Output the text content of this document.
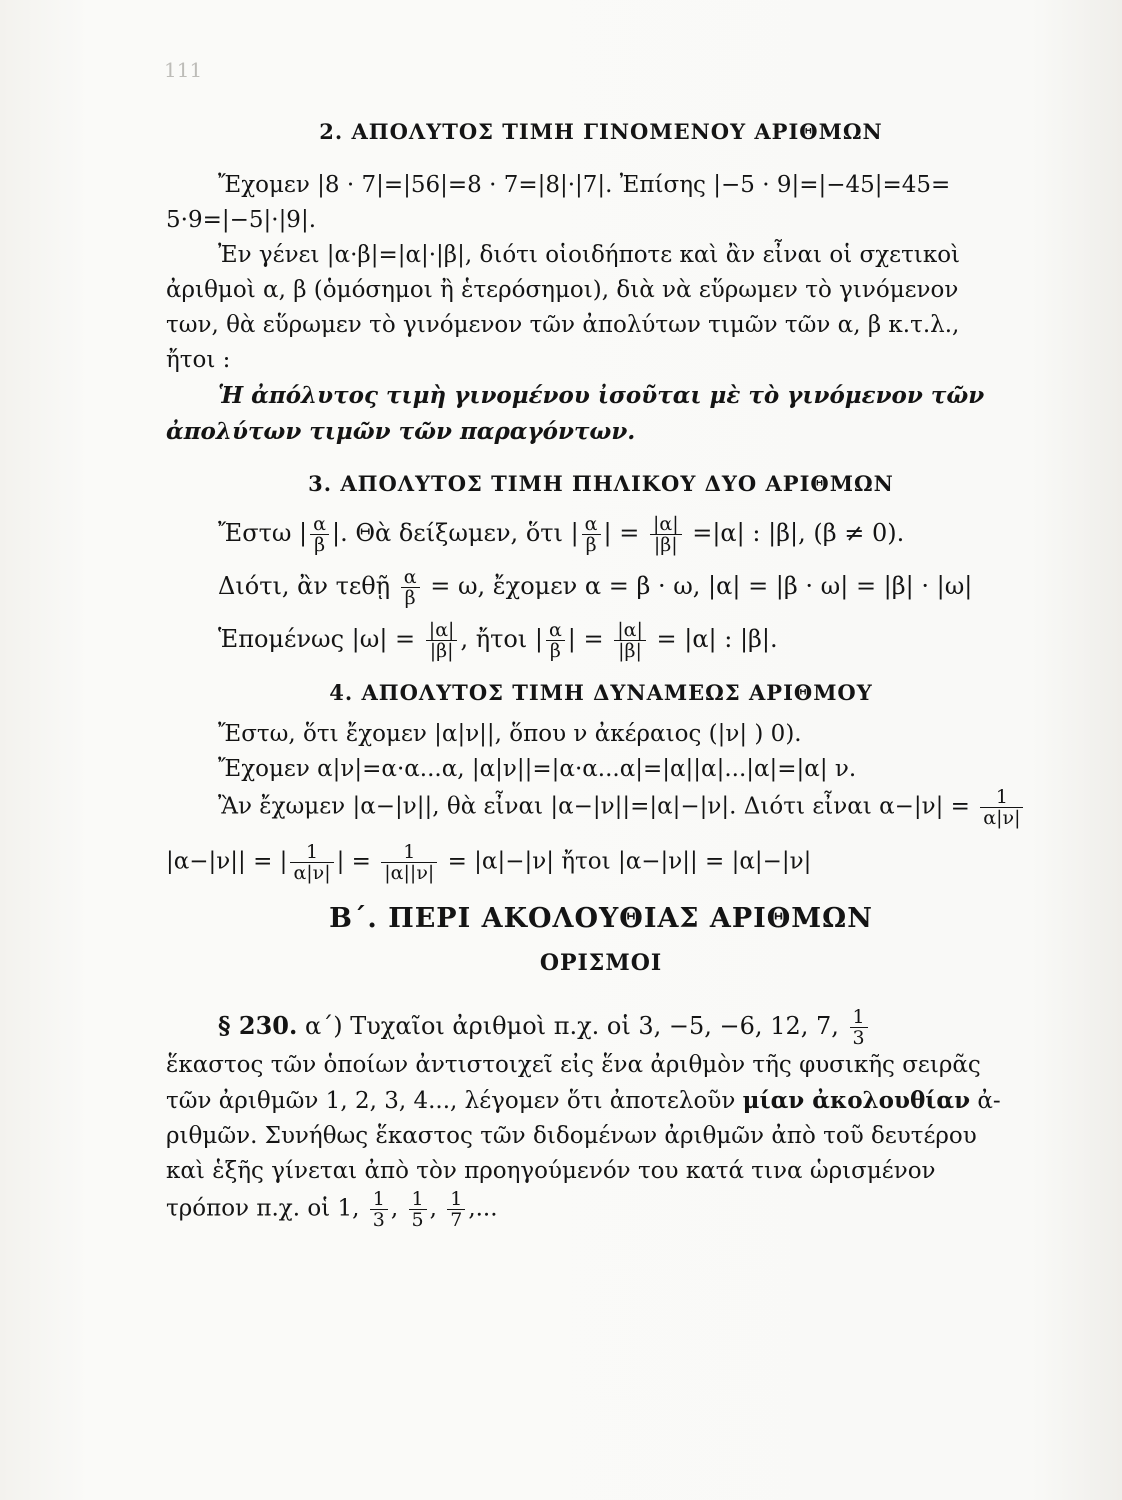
111

2. ΑΠΟΛΥΤΟΣ ΤΙΜΗ ΓΙΝΟΜΕΝΟΥ ΑΡΙΘΜΩΝ

Ἔχομεν |8 · 7|=|56|=8 · 7=|8|·|7|. Ἐπίσης |−5 · 9|=|−45|=45=

5·9=|−5|·|9|.

Ἐν γένει |α·β|=|α|·|β|, διότι οἱοιδήποτε καὶ ἂν εἶναι οἱ σχετικοὶ

ἀριθμοὶ α, β (ὁμόσημοι ἢ ἑτερόσημοι), διὰ νὰ εὕρωμεν τὸ γινόμενον

των, θὰ εὕρωμεν τὸ γινόμενον τῶν ἀπολύτων τιμῶν τῶν α, β κ.τ.λ.,

ἤτοι :

Ἡ ἀπόλυτος τιμὴ γινομένου ἰσοῦται μὲ τὸ γινόμενον τῶν

ἀπολύτων τιμῶν τῶν παραγόντων.

3. ΑΠΟΛΥΤΟΣ ΤΙΜΗ ΠΗΛΙΚΟΥ ΔΥΟ ΑΡΙΘΜΩΝ

Ἔστω | $\frac{\alpha}{\beta}$ |. Θὰ δείξωμεν, ὅτι | $\frac{\alpha}{\beta}$ | = $\frac{|\alpha|}{|\beta|} =|\alpha|$ : |β|, (β ≠ 0).

Διότι, ἂν τεθῇ $\frac{\alpha}{\beta} = \omega$, ἔχομεν α = β · ω, |α| = |β · ω| = |β| · |ω|

Ἑπομένως $|\omega| = \frac{|\alpha|}{|\beta|}$ , ἤτοι | $\frac{\alpha}{\beta}$ | = $\frac{|\alpha|}{|\beta|} = |\alpha|$ : |β|.

4. ΑΠΟΛΥΤΟΣ ΤΙΜΗ ΔΥΝΑΜΕΩΣ ΑΡΙΘΜΟΥ

Ἔστω, ὅτι ἔχομεν |α|ν||, ὅπου ν ἀκέραιος (|ν| ) 0).

Ἔχομεν α|ν|=α·α...α, |α|ν||=|α·α...α|=|α||α|...|α|=|α| ν.

Ἂν ἔχωμεν |α−|ν||, θὰ εἶναι |α−|ν||=|α|−|ν|. Διότι εἶναι $\alpha-|\nu| = \frac{1}{\alpha|\nu|}$

|α−|ν|| = | $\frac{1}{\alpha|\nu|}$ | = $\frac{1}{|\alpha||\nu|} = |\alpha|-|\nu|$ ἤτοι |α−|ν|| = |α|−|ν|

Β΄. ΠΕΡΙ ΑΚΟΛΟΥΘΙΑΣ ΑΡΙΘΜΩΝ

ΟΡΙΣΜΟΙ

§ 230. α΄) Τυχαῖοι ἀριθμοὶ π.χ. οἱ 3, −5, −6, 12, 7, $\frac{1}{3}$

ἕκαστος τῶν ὁποίων ἀντιστοιχεῖ εἰς ἕνα ἀριθμὸν τῆς φυσικῆς σειρᾶς

τῶν ἀριθμῶν 1, 2, 3, 4..., λέγομεν ὅτι ἀποτελοῦν μίαν ἀκολουθίαν ἀ-

ριθμῶν. Συνήθως ἕκαστος τῶν διδομένων ἀριθμῶν ἀπὸ τοῦ δευτέρου

καὶ ἑξῆς γίνεται ἀπὸ τὸν προηγούμενόν του κατά τινα ὡρισμένον

τρόπον π.χ. οἱ 1, $\frac{1}{3}$ , $\frac{1}{5}$ , $\frac{1}{7}$ ,...
